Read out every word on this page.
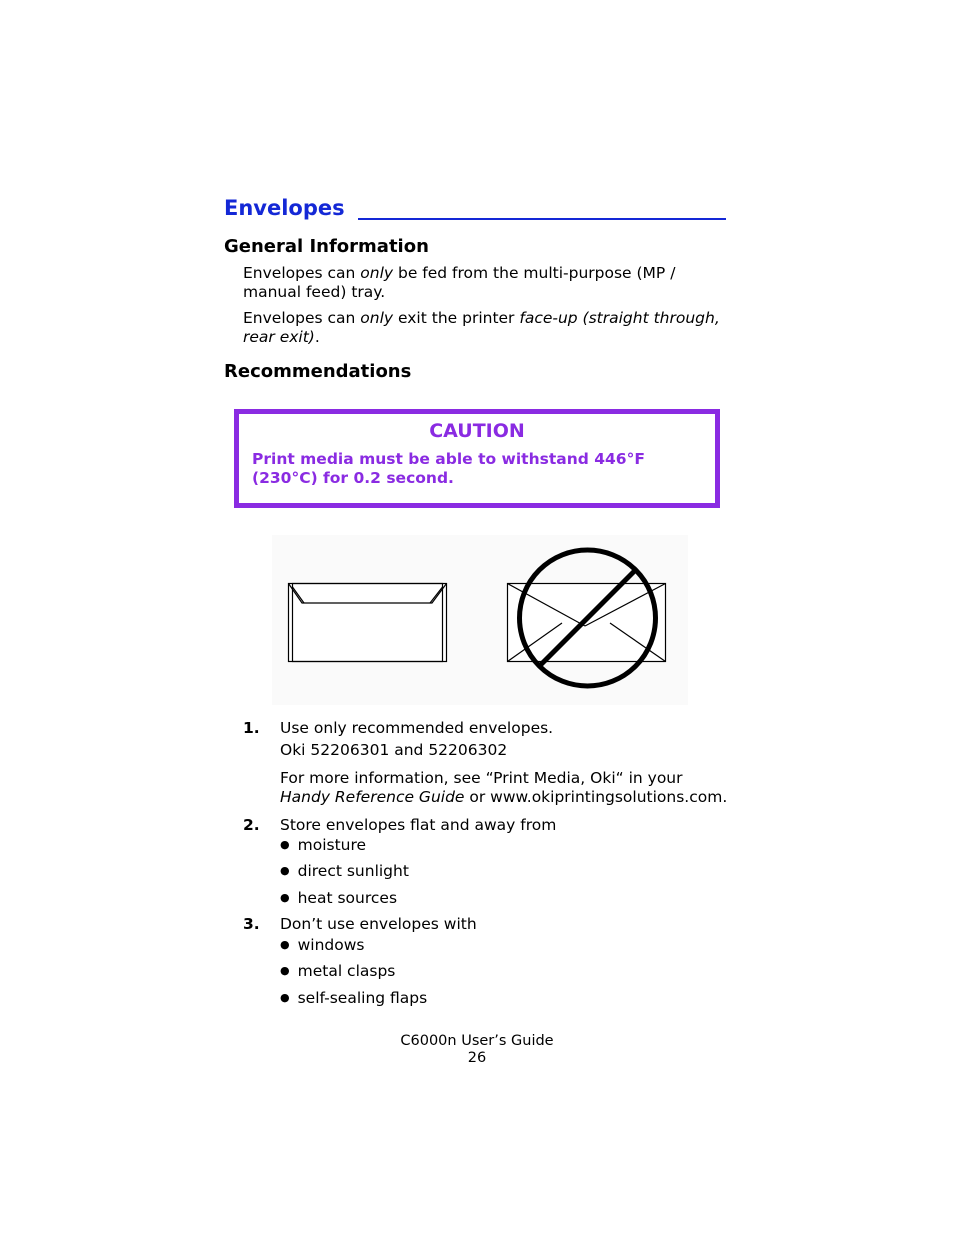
Envelopes
General Information
Envelopes can only be fed from the multi-purpose (MP / manual feed) tray.
Envelopes can only exit the printer face-up (straight through, rear exit).
Recommendations
CAUTION
Print media must be able to withstand 446°F
(230°C) for 0.2 second.
1. Use only recommended envelopes.
Oki 52206301 and 52206302
For more information, see “Print Media, Oki“ in your
Handy Reference Guide or www.okiprintingsolutions.com.
2. Store envelopes flat and away from
● moisture
● direct sunlight
● heat sources
3. Don’t use envelopes with
● windows
● metal clasps
● self-sealing flaps
C6000n User’s Guide
26
